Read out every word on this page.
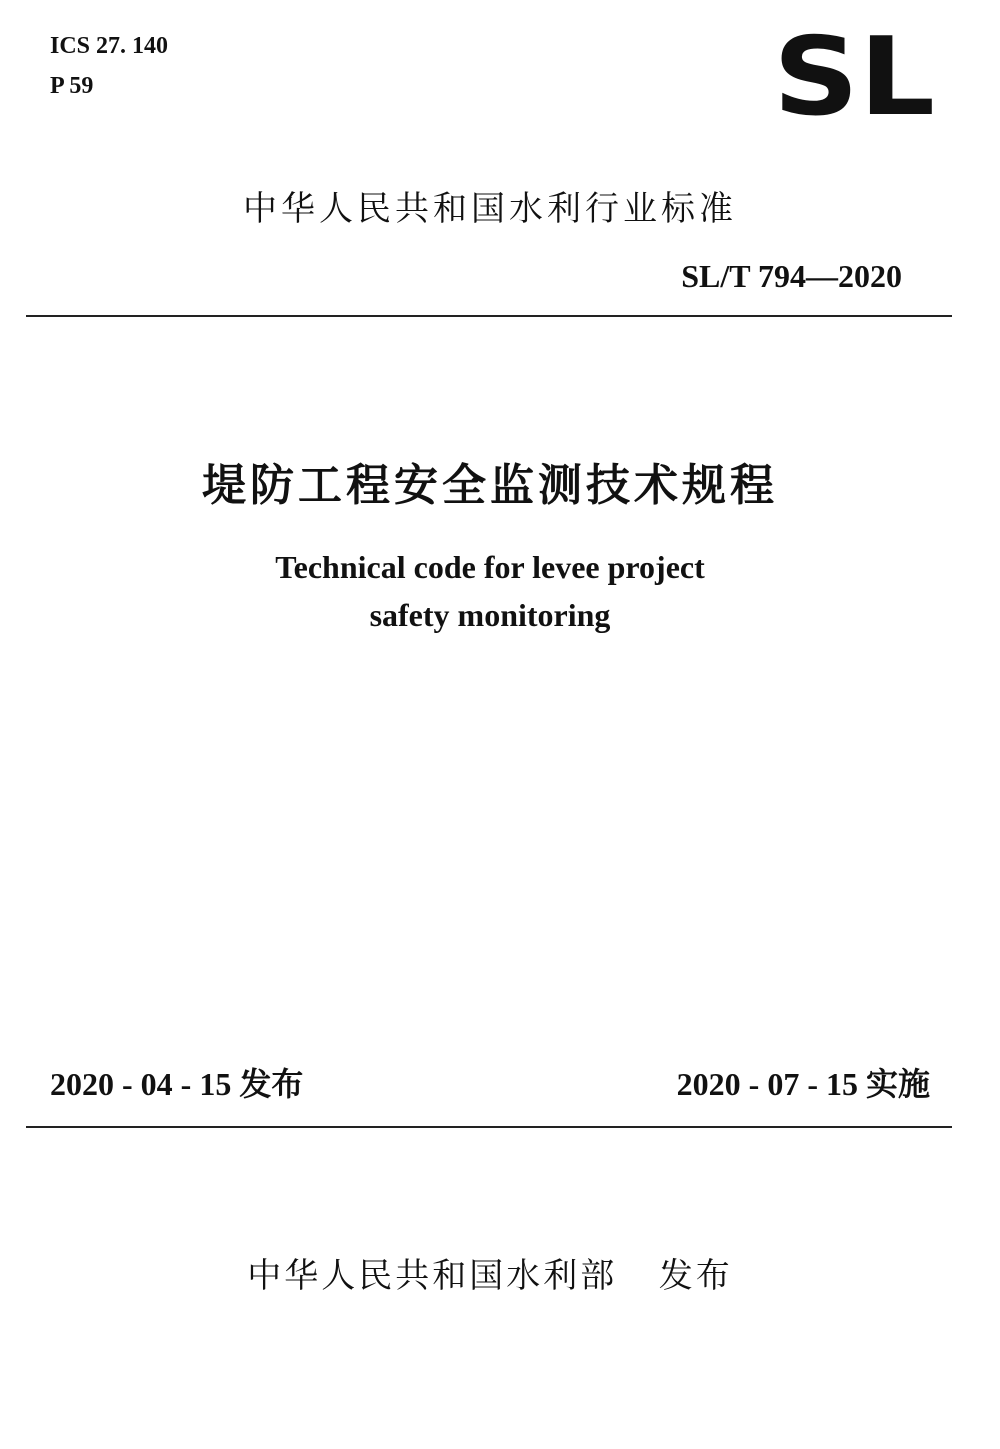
ICS 27. 140
P 59	SL
中华人民共和国水利行业标准
SL/T 794—2020
堤防工程安全监测技术规程
Technical code for levee project
safety monitoring
2020 - 04 - 15 发布	2020 - 07 - 15 实施
中华人民共和国水利部   发布
